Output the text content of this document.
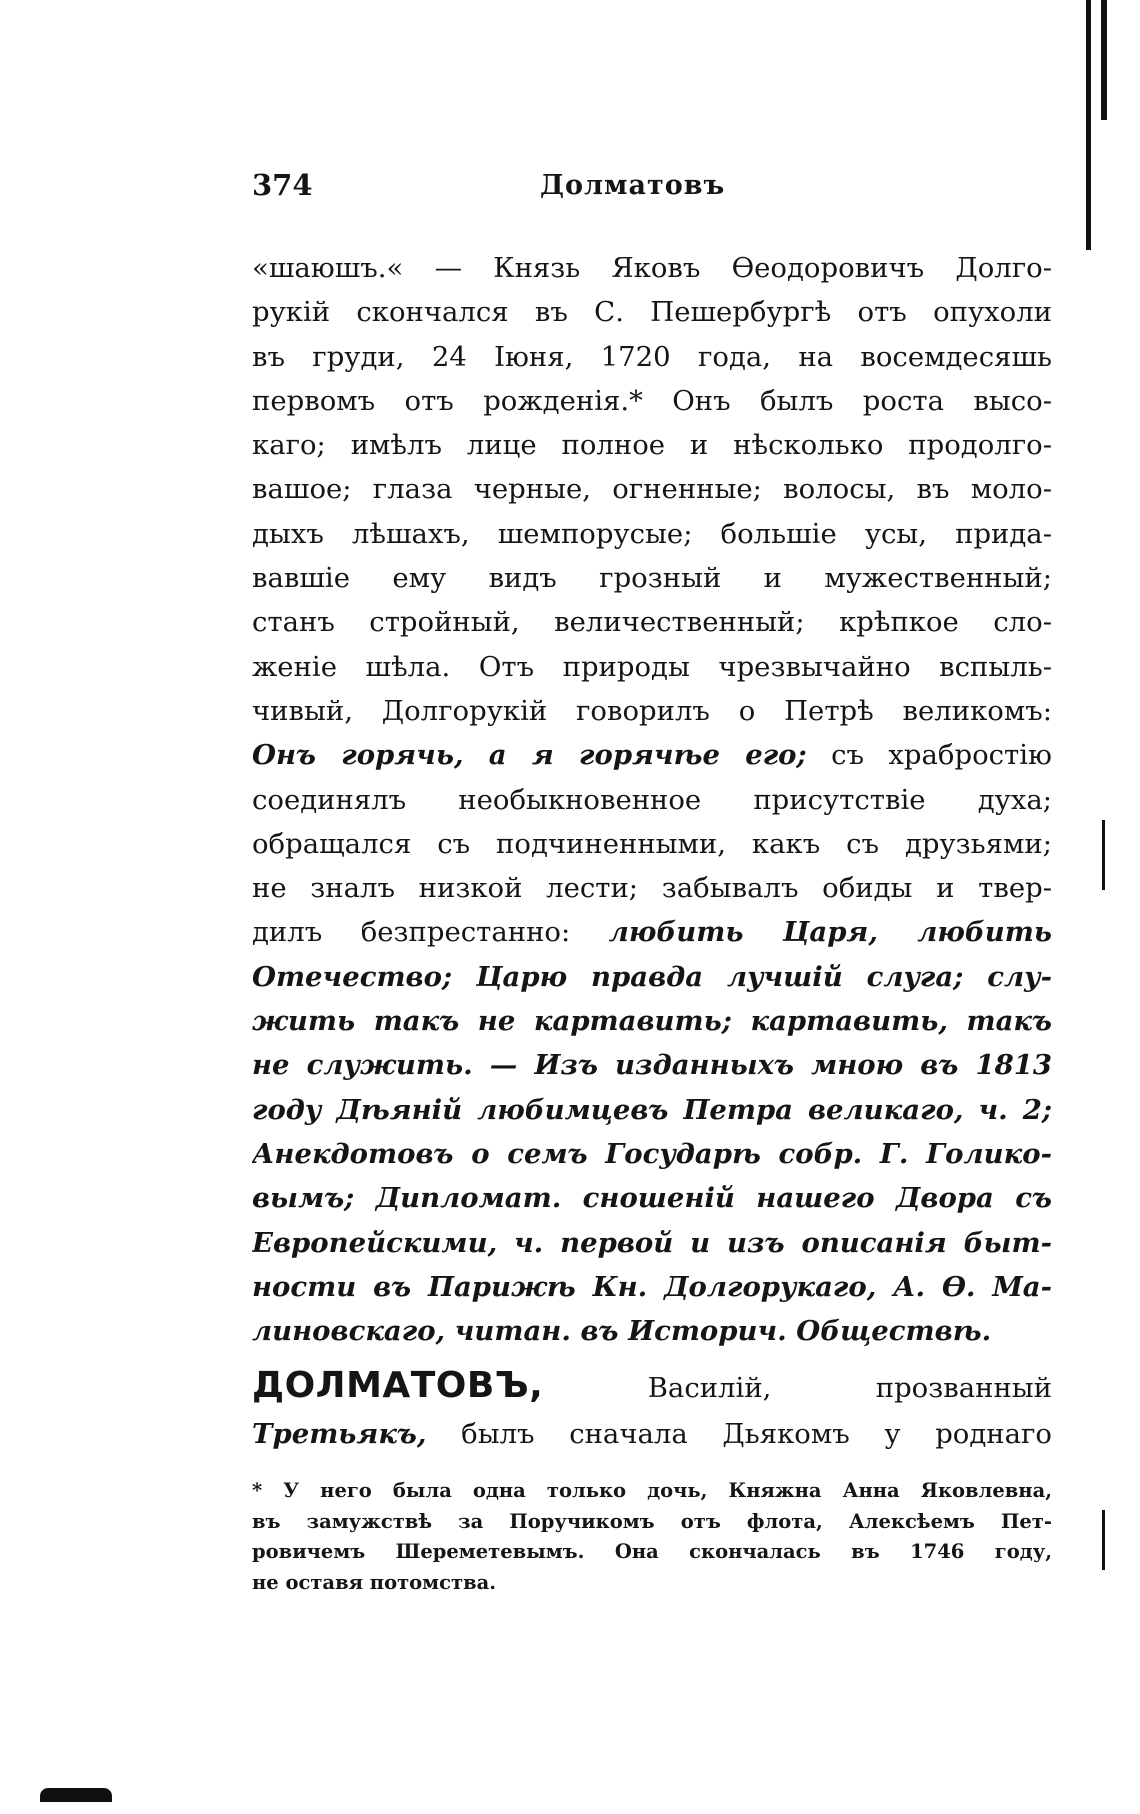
374	Долматовъ
«шаюшъ.« — Князь Яковъ Ѳеодоровичъ Долго-
рукій скончался въ С. Пешербургѣ отъ опухоли
въ груди, 24 Іюня, 1720 года, на восемдесяшь
первомъ отъ рожденія.* Онъ былъ роста высо-
каго; имѣлъ лице полное и нѣсколько продолго-
вашое; глаза черные, огненные; волосы, въ моло-
дыхъ лѣшахъ, шемпорусые; большіе усы, прида-
вавшіе ему видъ грозный и мужественный;
станъ стройный, величественный; крѣпкое сло-
женіе шѣла. Отъ природы чрезвычайно вспыль-
чивый, Долгорукій говорилъ о Петрѣ великомъ:
Онъ горячь, а я горячѣе его; съ храбростію
соединялъ необыкновенное присутствіе духа;
обращался съ подчиненными, какъ съ друзьями;
не зналъ низкой лести; забывалъ обиды и твер-
дилъ безпрестанно: любить Царя, любить
Отечество; Царю правда лучшій слуга; слу-
жить такъ не картавить; картавить, такъ
не служить. — Изъ изданныхъ мною въ 1813
году Дѣяній любимцевъ Петра великаго, ч. 2;
Анекдотовъ о семъ Государѣ собр. Г. Голико-
вымъ; Дипломат. сношеній нашего Двора съ
Европейскими, ч. первой и изъ описанія быт-
ности въ Парижѣ Кн. Долгорукаго, А. Ѳ. Ма-
линовскаго, читан. въ Историч. Обществѣ.
ДОЛМАТОВЪ, Василій, прозванный
Третьякъ, былъ сначала Дьякомъ у роднаго
* У него была одна только дочь, Княжна Анна Яковлевна,
въ замужствѣ за Поручикомъ отъ флота, Алексѣемъ Пет-
ровичемъ Шереметевымъ. Она скончалась въ 1746 году,
не оставя потомства.
